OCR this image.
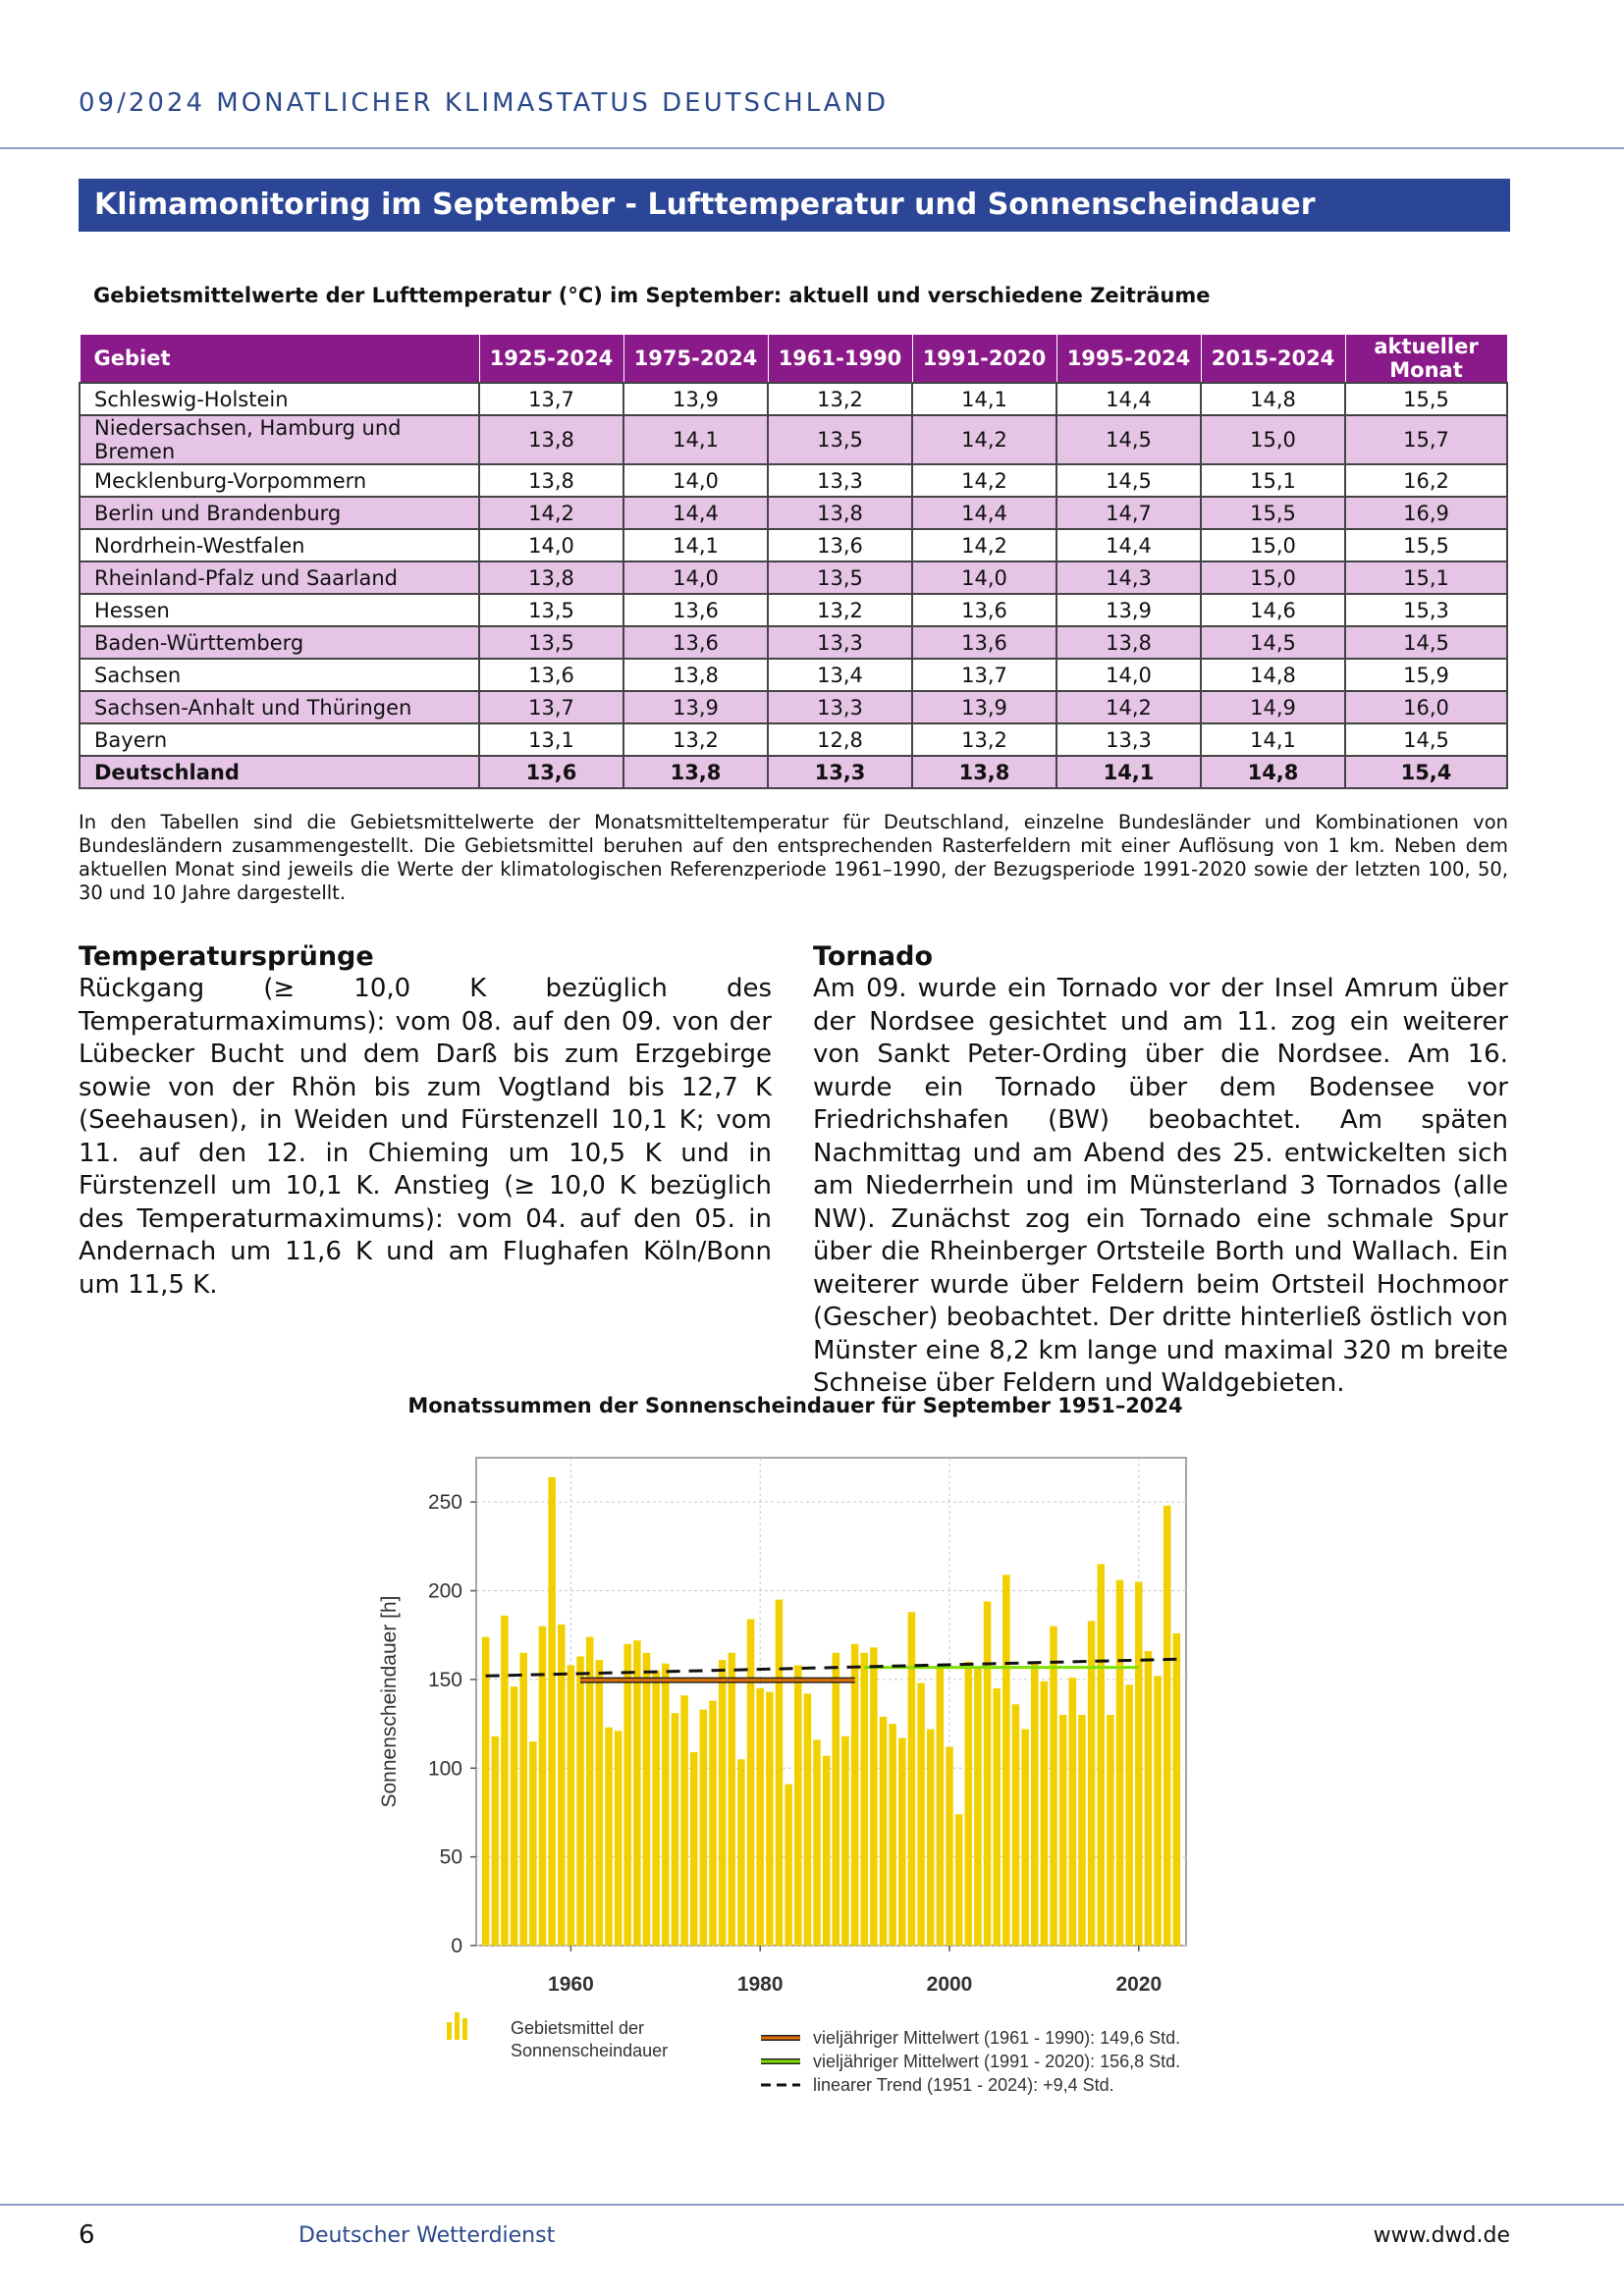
09/2024 MONATLICHER KLIMASTATUS DEUTSCHLAND
Klimamonitoring im September - Lufttemperatur und Sonnenscheindauer
Gebietsmittelwerte der Lufttemperatur (°C) im September: aktuell und verschiedene Zeiträume
Gebiet	1925-2024	1975-2024	1961-1990	1991-2020	1995-2024	2015-2024	aktueller Monat
Schleswig-Holstein	13,7	13,9	13,2	14,1	14,4	14,8	15,5
Niedersachsen, Hamburg und Bremen	13,8	14,1	13,5	14,2	14,5	15,0	15,7
Mecklenburg-Vorpommern	13,8	14,0	13,3	14,2	14,5	15,1	16,2
Berlin und Brandenburg	14,2	14,4	13,8	14,4	14,7	15,5	16,9
Nordrhein-Westfalen	14,0	14,1	13,6	14,2	14,4	15,0	15,5
Rheinland-Pfalz und Saarland	13,8	14,0	13,5	14,0	14,3	15,0	15,1
Hessen	13,5	13,6	13,2	13,6	13,9	14,6	15,3
Baden-Württemberg	13,5	13,6	13,3	13,6	13,8	14,5	14,5
Sachsen	13,6	13,8	13,4	13,7	14,0	14,8	15,9
Sachsen-Anhalt und Thüringen	13,7	13,9	13,3	13,9	14,2	14,9	16,0
Bayern	13,1	13,2	12,8	13,2	13,3	14,1	14,5
Deutschland	13,6	13,8	13,3	13,8	14,1	14,8	15,4
In den Tabellen sind die Gebietsmittelwerte der Monatsmitteltemperatur für Deutschland, einzelne Bundesländer und Kombinationen von Bundesländern zusammengestellt. Die Gebietsmittel beruhen auf den entsprechenden Rasterfeldern mit einer Auflösung von 1 km. Neben dem aktuellen Monat sind jeweils die Werte der klimatologischen Referenzperiode 1961–1990, der Bezugsperiode 1991-2020 sowie der letzten 100, 50, 30 und 10 Jahre dargestellt.
Temperatursprünge

Rückgang (≥ 10,0 K bezüglich des Temperaturmaximums): vom 08. auf den 09. von der Lübecker Bucht und dem Darß bis zum Erzgebirge sowie von der Rhön bis zum Vogtland bis 12,7 K (Seehausen), in Weiden und Fürstenzell 10,1 K; vom 11. auf den 12. in Chieming um 10,5 K und in Fürstenzell um 10,1 K. Anstieg (≥ 10,0 K bezüglich des Temperaturmaximums): vom 04. auf den 05. in Andernach um 11,6 K und am Flughafen Köln/Bonn um 11,5 K.

Tornado

Am 09. wurde ein Tornado vor der Insel Amrum über der Nordsee gesichtet und am 11. zog ein weiterer von Sankt Peter-Ording über die Nordsee. Am 16. wurde ein Tornado über dem Bodensee vor Friedrichshafen (BW) beobachtet. Am späten Nachmittag und am Abend des 25. entwickelten sich am Niederrhein und im Münsterland 3 Tornados (alle NW). Zunächst zog ein Tornado eine schmale Spur über die Rheinberger Ortsteile Borth und Wallach. Ein weiterer wurde über Feldern beim Ortsteil Hochmoor (Gescher) beobachtet. Der dritte hinterließ östlich von Münster eine 8,2 km lange und maximal 320 m breite Schneise über Feldern und Waldgebieten.

Monatssummen der Sonnenscheindauer für September 1951–2024
0
50
100
150
200
250
1960	1980	2000	2020
Sonnenscheindauer [h]
Gebietsmittel der
Sonnenscheindauer
vieljähriger Mittelwert (1961 - 1990): 149,6 Std.
vieljähriger Mittelwert (1991 - 2020): 156,8 Std.
linearer Trend (1951 - 2024): +9,4 Std.
6	Deutscher Wetterdienst	www.dwd.de
